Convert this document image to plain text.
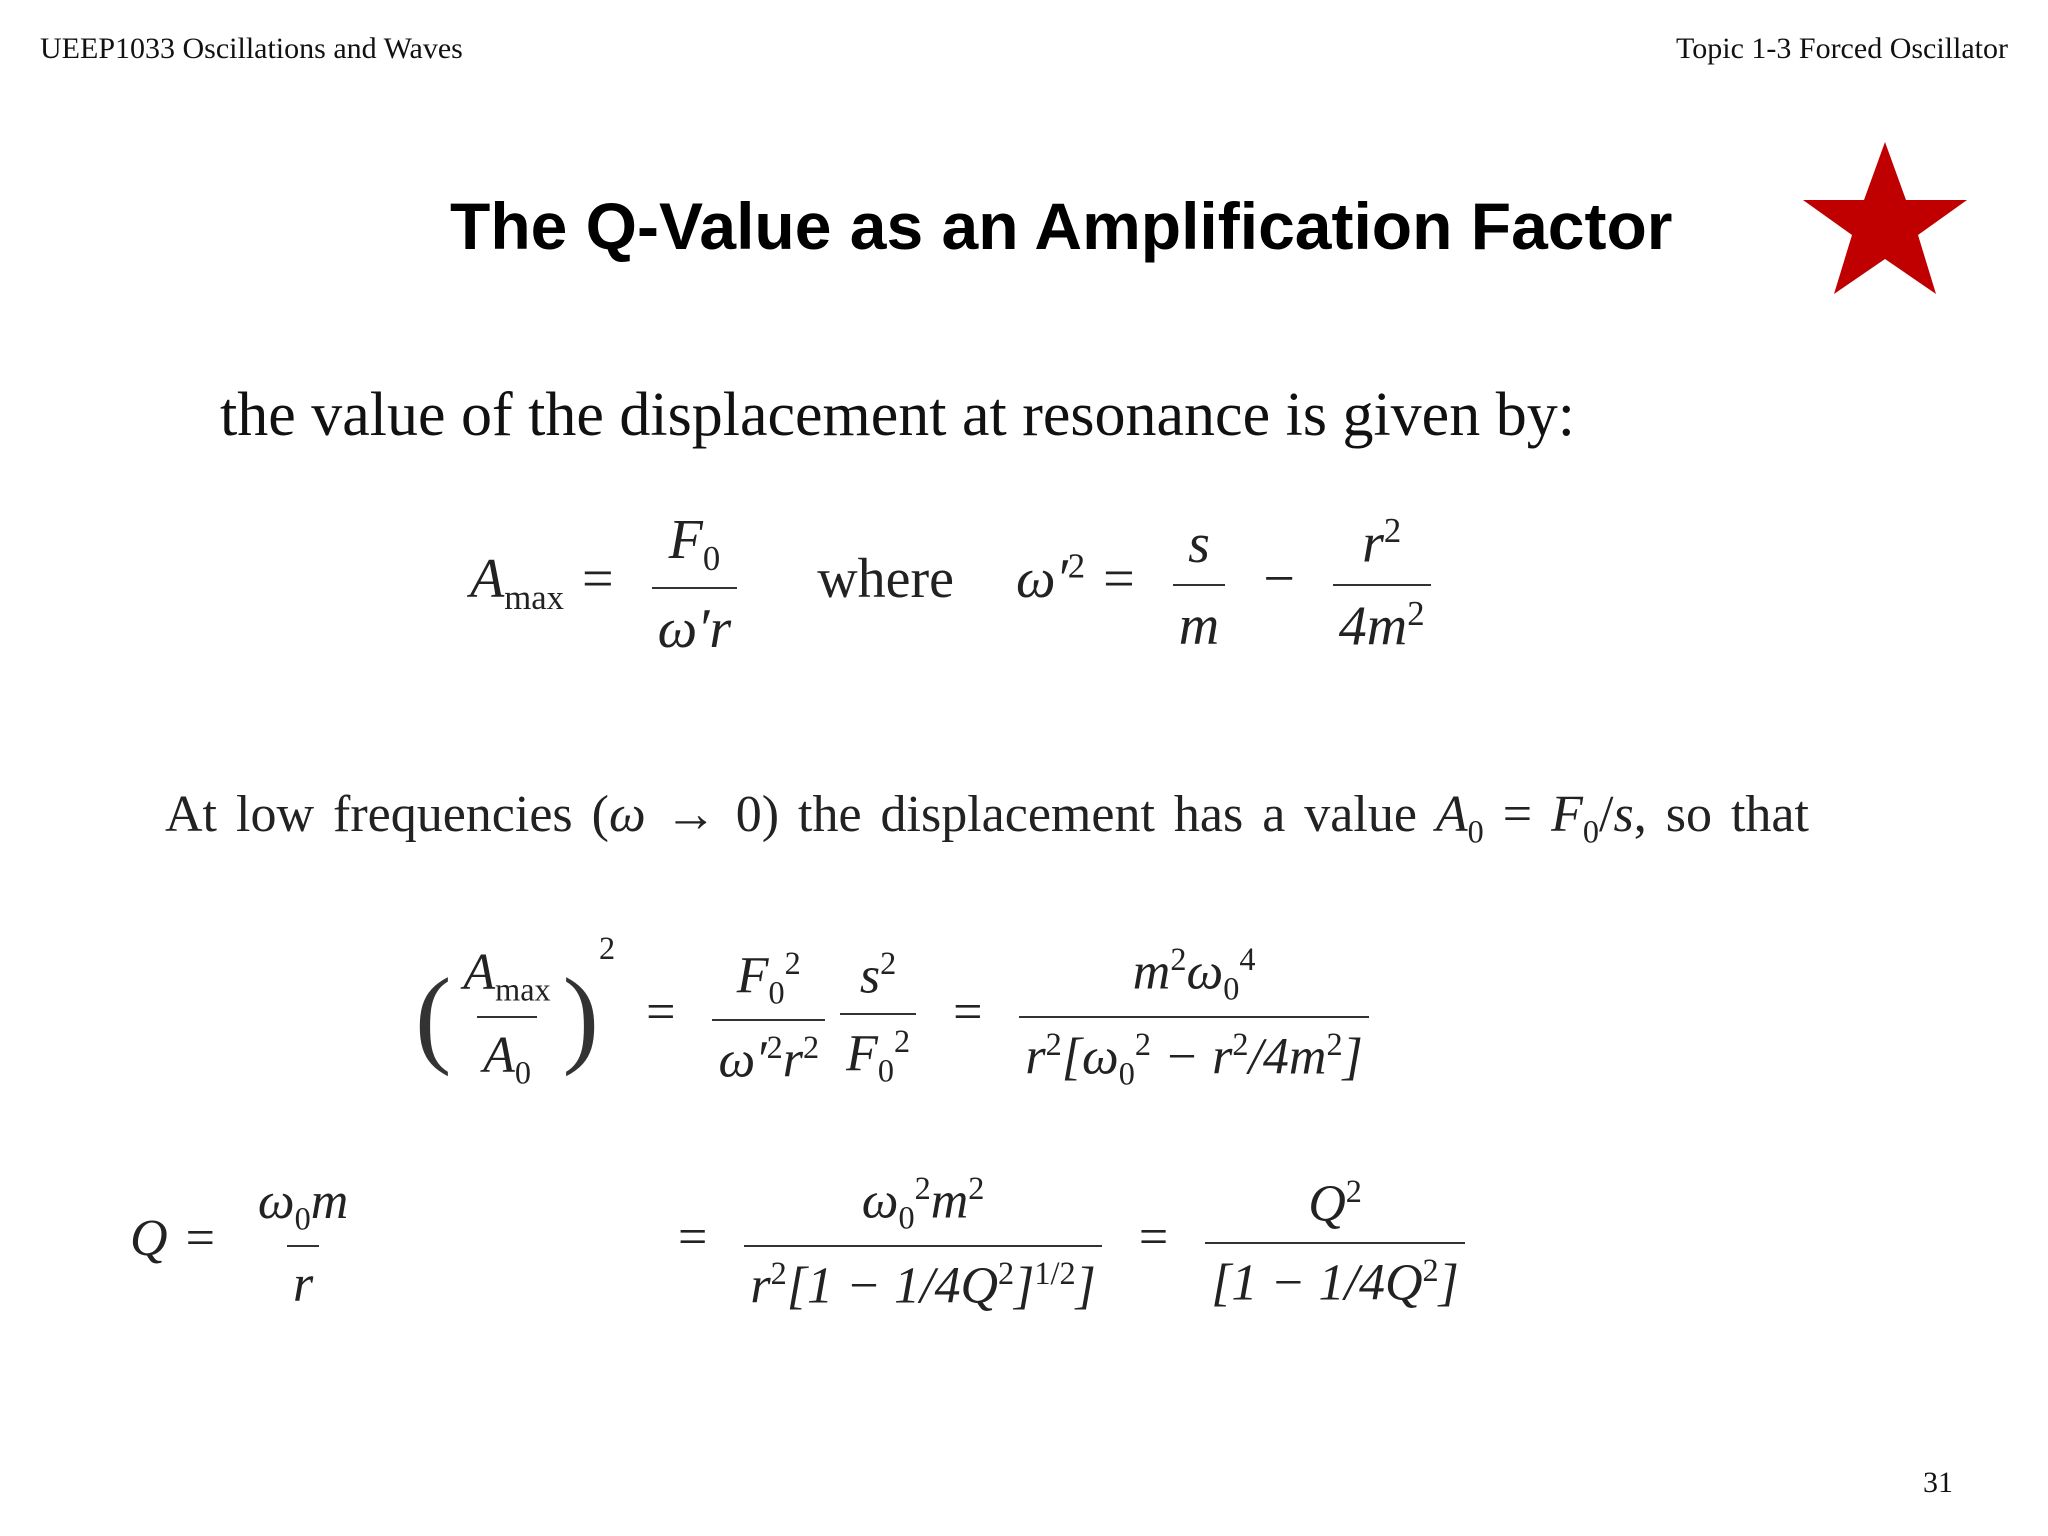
UEEP1033 Oscillations and Waves	Topic 1-3 Forced Oscillator
The Q-Value as an Amplification Factor
the value of the displacement at resonance is given by:
$A_{max} = \frac{F_0}{\omega'r}$ where $\omega'^2 = \frac{s}{m} - \frac{r^2}{4m^2}$
At low frequencies (ω → 0) the displacement has a value $A_0 = F_0/s$, so that
( $\frac{A_{max}}{A_0} )^2 = \frac{F_0^2}{\omega'^2r^2}$
$\frac{s^2}{F_0^2} = \frac{m^2\omega_0^4}{r^2[\omega_0^2 - r^2/4m^2]}$
$Q = \frac{\omega_0m}{r}$	= $\frac{\omega_0^2m^2}{r^2[1 - 1/4Q^2]^{1/2}]} = \frac{Q^2}{[1 - 1/4Q^2]}$
31
